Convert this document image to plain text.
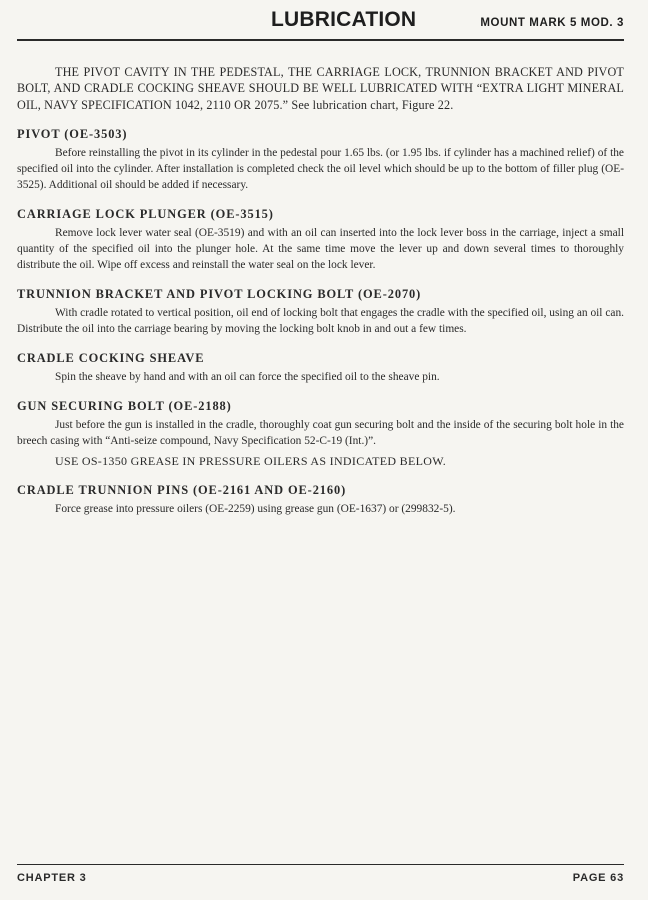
LUBRICATION	MOUNT MARK 5 MOD. 3

THE PIVOT CAVITY IN THE PEDESTAL, THE CARRIAGE LOCK, TRUNNION BRACKET AND PIVOT BOLT, AND CRADLE COCKING SHEAVE SHOULD BE WELL LUBRICATED WITH “EXTRA LIGHT MINERAL OIL, NAVY SPECIFICATION 1042, 2110 OR 2075.” See lubrication chart, Figure 22.

PIVOT (OE-3503)

Before reinstalling the pivot in its cylinder in the pedestal pour 1.65 lbs. (or 1.95 lbs. if cylinder has a machined relief) of the specified oil into the cylinder. After installation is completed check the oil level which should be up to the bottom of filler plug (OE-3525). Additional oil should be added if necessary.

CARRIAGE LOCK PLUNGER (OE-3515)

Remove lock lever water seal (OE-3519) and with an oil can inserted into the lock lever boss in the carriage, inject a small quantity of the specified oil into the plunger hole. At the same time move the lever up and down several times to thoroughly distribute the oil. Wipe off excess and reinstall the water seal on the lock lever.

TRUNNION BRACKET AND PIVOT LOCKING BOLT (OE-2070)

With cradle rotated to vertical position, oil end of locking bolt that engages the cradle with the specified oil, using an oil can. Distribute the oil into the carriage bearing by moving the locking bolt knob in and out a few times.

CRADLE COCKING SHEAVE

Spin the sheave by hand and with an oil can force the specified oil to the sheave pin.

GUN SECURING BOLT (OE-2188)

Just before the gun is installed in the cradle, thoroughly coat gun securing bolt and the inside of the securing bolt hole in the breech casing with “Anti-seize compound, Navy Specification 52-C-19 (Int.)”.

USE OS-1350 GREASE IN PRESSURE OILERS AS INDICATED BELOW.
CRADLE TRUNNION PINS (OE-2161 AND OE-2160)

Force grease into pressure oilers (OE-2259) using grease gun (OE-1637) or (299832-5).

CHAPTER 3	PAGE 63
